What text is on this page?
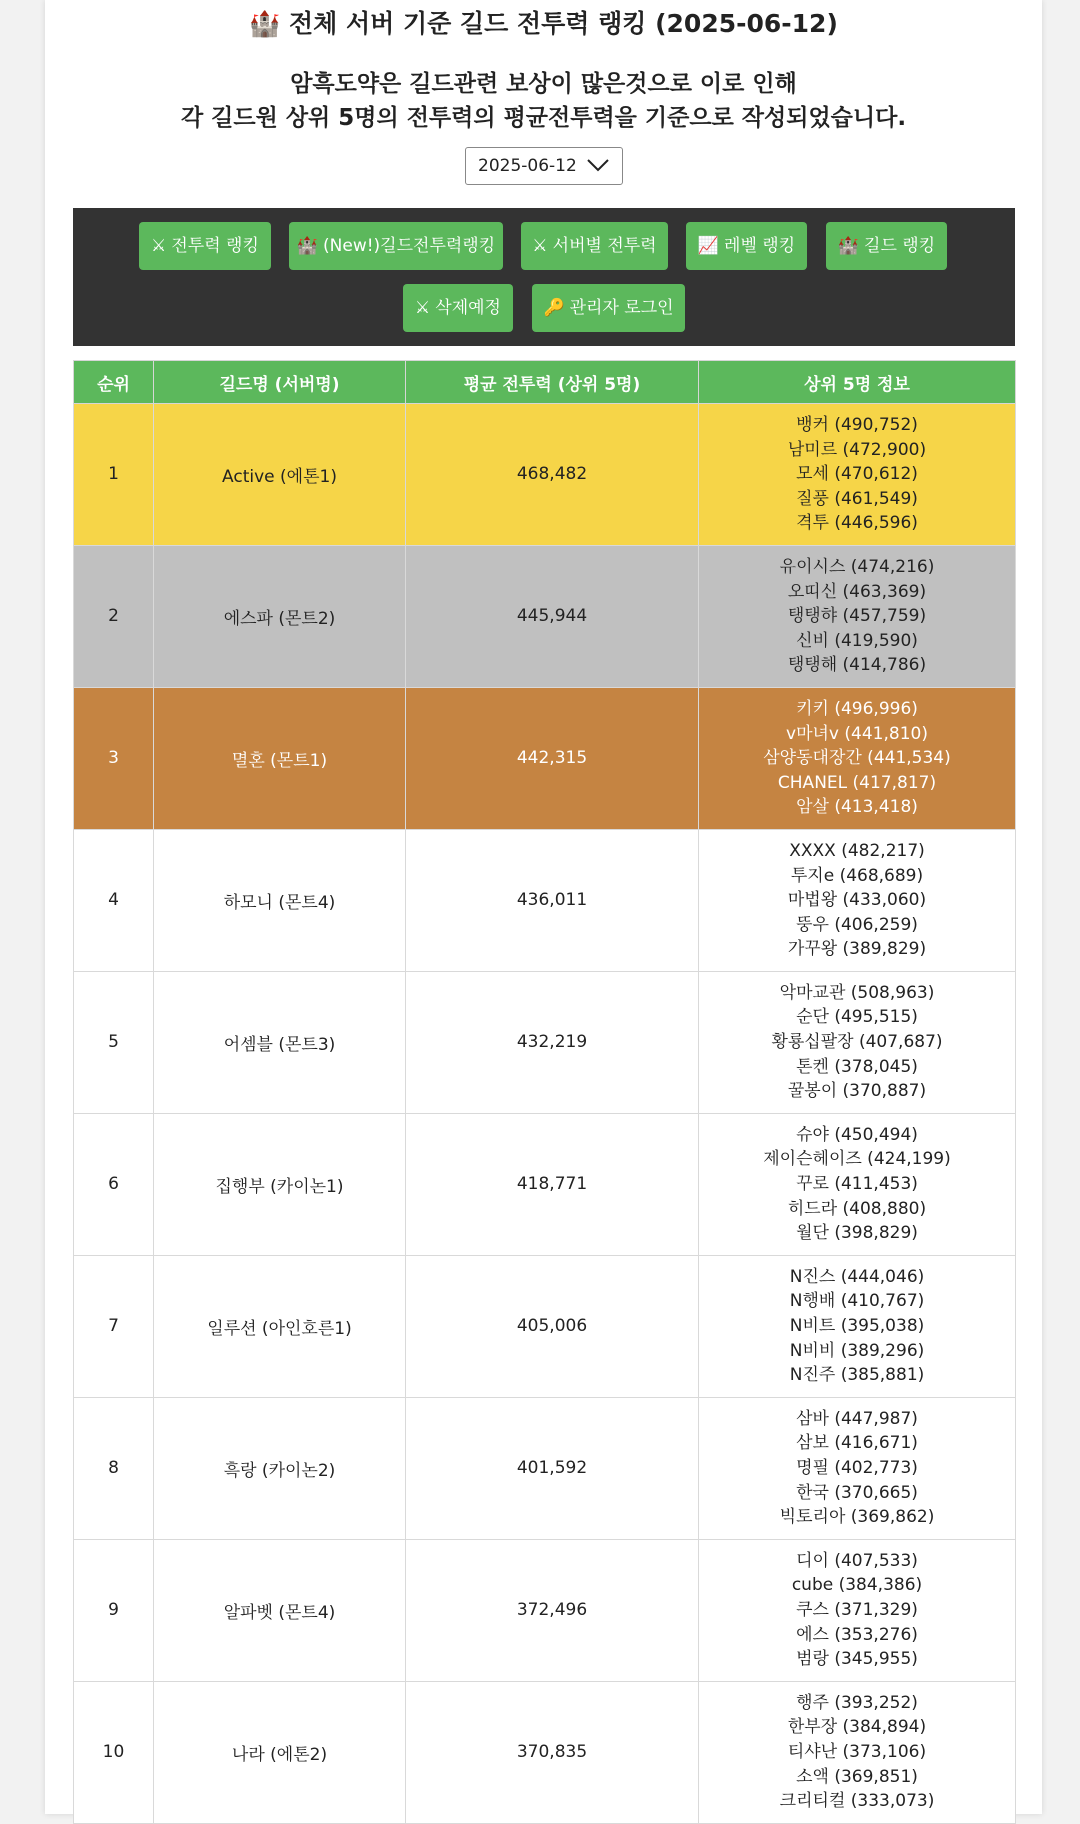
🏰 전체 서버 기준 길드 전투력 랭킹 (2025-06-12)
암흑도약은 길드관련 보상이 많은것으로 이로 인해
각 길드원 상위 5명의 전투력의 평균전투력을 기준으로 작성되었습니다.
2025-06-12
⚔ 전투력 랭킹	🏰 (New!)길드전투력랭킹	⚔ 서버별 전투력	📈 레벨 랭킹	🏰 길드 랭킹
⚔ 삭제예정	🔑 관리자 로그인
순위	길드명 (서버명)	평균 전투력 (상위 5명)	상위 5명 정보
1	Active (에톤1)	468,482	뱅커 (490,752)
남미르 (472,900)
모세 (470,612)
질풍 (461,549)
격투 (446,596)

2	에스파 (몬트2)	445,944	유이시스 (474,216)
오띠신 (463,369)
탱탱햐 (457,759)
신비 (419,590)
탱탱해 (414,786)

3	멸혼 (몬트1)	442,315	키키 (496,996)
v마녀v (441,810)
삼양동대장간 (441,534)
CHANEL (417,817)
암살 (413,418)

4	하모니 (몬트4)	436,011	XXXX (482,217)
투지e (468,689)
마법왕 (433,060)
뚱우 (406,259)
가꾸왕 (389,829)

5	어셈블 (몬트3)	432,219	악마교관 (508,963)
순단 (495,515)
황룡십팔장 (407,687)
톤켄 (378,045)
꿀봉이 (370,887)

6	집행부 (카이논1)	418,771	슈야 (450,494)
제이슨헤이즈 (424,199)
꾸로 (411,453)
히드라 (408,880)
월단 (398,829)

7	일루션 (아인호른1)	405,006	N진스 (444,046)
N행배 (410,767)
N비트 (395,038)
N비비 (389,296)
N진주 (385,881)

8	흑랑 (카이논2)	401,592	삼바 (447,987)
삼보 (416,671)
명필 (402,773)
한국 (370,665)
빅토리아 (369,862)

9	알파벳 (몬트4)	372,496	디이 (407,533)
cube (384,386)
쿠스 (371,329)
에스 (353,276)
범랑 (345,955)

10	나라 (에톤2)	370,835	행주 (393,252)
한부장 (384,894)
티샤난 (373,106)
소액 (369,851)
크리티컬 (333,073)
